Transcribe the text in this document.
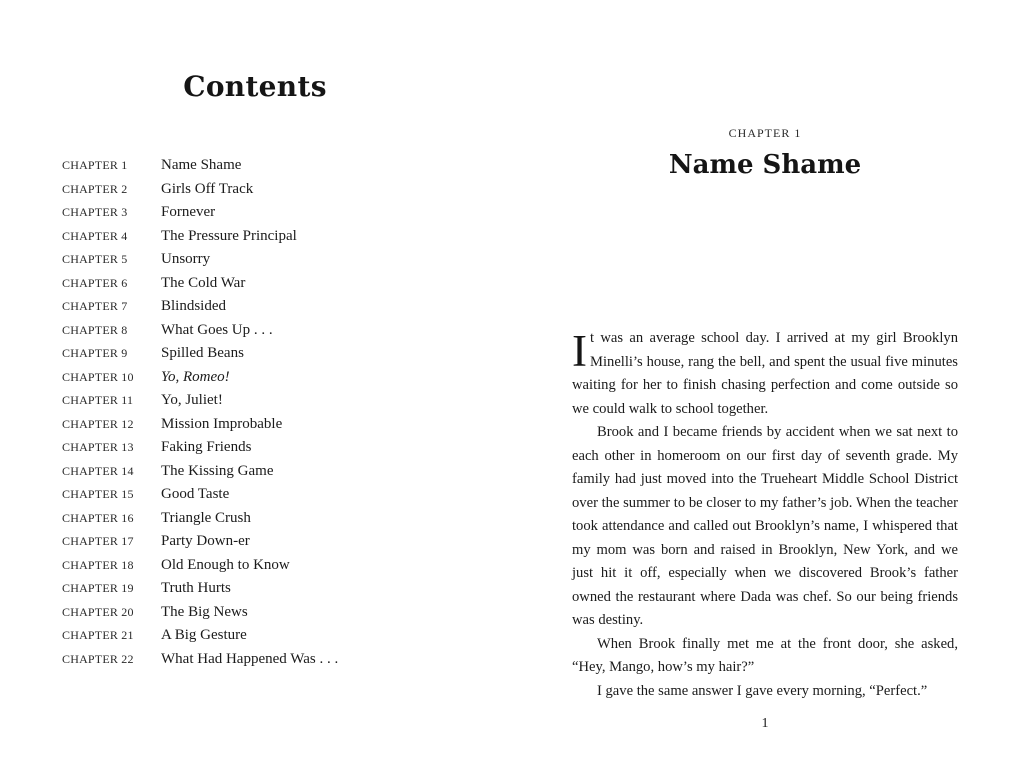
Contents
CHAPTER 1	Name Shame
CHAPTER 2	Girls Off Track
CHAPTER 3	Fornever
CHAPTER 4	The Pressure Principal
CHAPTER 5	Unsorry
CHAPTER 6	The Cold War
CHAPTER 7	Blindsided
CHAPTER 8	What Goes Up . . .
CHAPTER 9	Spilled Beans
CHAPTER 10	Yo, Romeo!
CHAPTER 11	Yo, Juliet!
CHAPTER 12	Mission Improbable
CHAPTER 13	Faking Friends
CHAPTER 14	The Kissing Game
CHAPTER 15	Good Taste
CHAPTER 16	Triangle Crush
CHAPTER 17	Party Down-er
CHAPTER 18	Old Enough to Know
CHAPTER 19	Truth Hurts
CHAPTER 20	The Big News
CHAPTER 21	A Big Gesture
CHAPTER 22	What Had Happened Was . . .
CHAPTER 1
Name Shame

It was an average school day. I arrived at my girl Brooklyn Minelli’s house, rang the bell, and spent the usual five minutes waiting for her to finish chasing perfection and come outside so we could walk to school together.

Brook and I became friends by accident when we sat next to each other in homeroom on our first day of seventh grade. My family had just moved into the Trueheart Middle School District over the summer to be closer to my father’s job. When the teacher took attendance and called out Brooklyn’s name, I whispered that my mom was born and raised in Brooklyn, New York, and we just hit it off, especially when we discovered Brook’s father owned the restaurant where Dada was chef. So our being friends was destiny.

When Brook finally met me at the front door, she asked, “Hey, Mango, how’s my hair?”

I gave the same answer I gave every morning, “Perfect.”

1
